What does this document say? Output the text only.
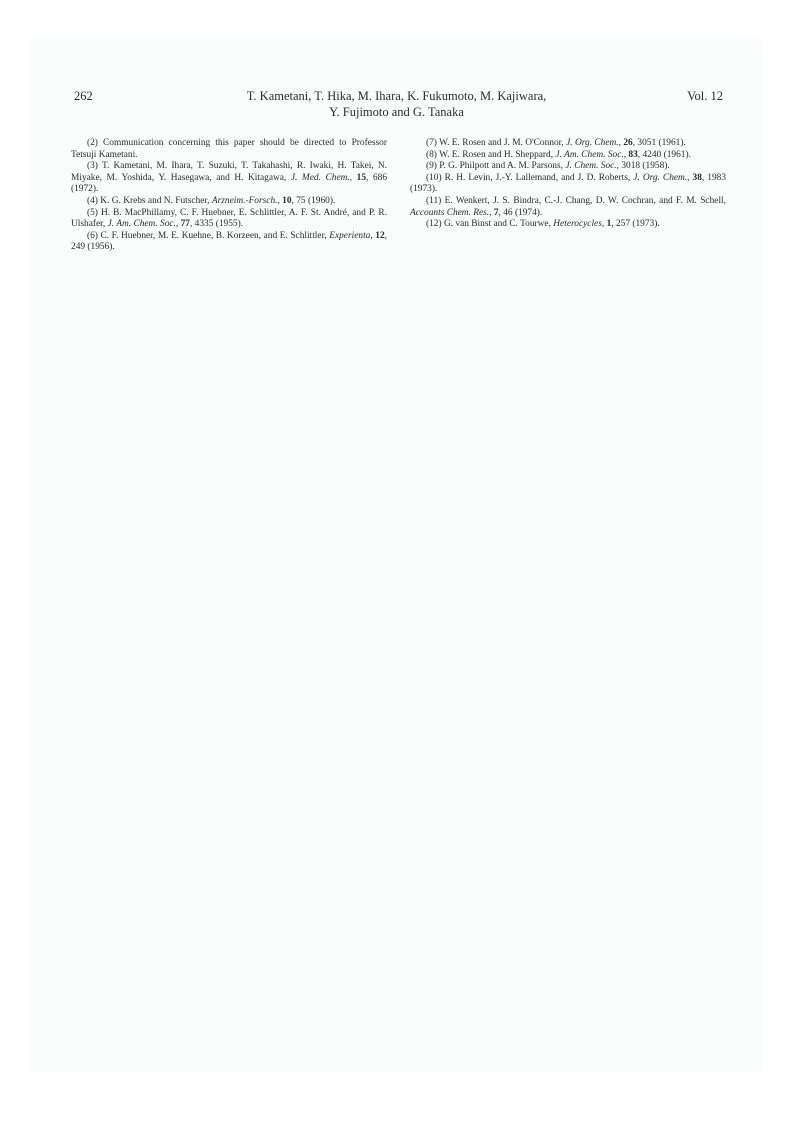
262	T. Kametani, T. Hika, M. Ihara, K. Fukumoto, M. Kajiwara,
Y. Fujimoto and G. Tanaka
Vol. 12

(2) Communication concerning this paper should be directed to Professor Tetsuji Kametani.

(3) T. Kametani, M. Ihara, T. Suzuki, T. Takahashi, R. Iwaki, H. Takei, N. Miyake, M. Yoshida, Y. Hasegawa, and H. Kitagawa, J. Med. Chem., 15, 686 (1972).

(4) K. G. Krebs and N. Futscher, Arzneim.-Forsch., 10, 75 (1960).

(5) H. B. MacPhillamy, C. F. Huebner, E. Schlittler, A. F. St. André, and P. R. Ulshafer, J. Am. Chem. Soc., 77, 4335 (1955).

(6) C. F. Huebner, M. E. Kuehne, B. Korzeen, and E. Schlittler, Experienta, 12, 249 (1956).

(7) W. E. Rosen and J. M. O'Connor, J. Org. Chem., 26, 3051 (1961).

(8) W. E. Rosen and H. Sheppard, J. Am. Chem. Soc., 83, 4240 (1961).

(9) P. G. Philpott and A. M. Parsons, J. Chem. Soc., 3018 (1958).

(10) R. H. Levin, J.-Y. Lallemand, and J. D. Roberts, J. Org. Chem., 38, 1983 (1973).

(11) E. Wenkert, J. S. Bindra, C.-J. Chang, D. W. Cochran, and F. M. Schell, Accounts Chem. Res., 7, 46 (1974).

(12) G. van Binst and C. Tourwe, Heterocycles, 1, 257 (1973).
